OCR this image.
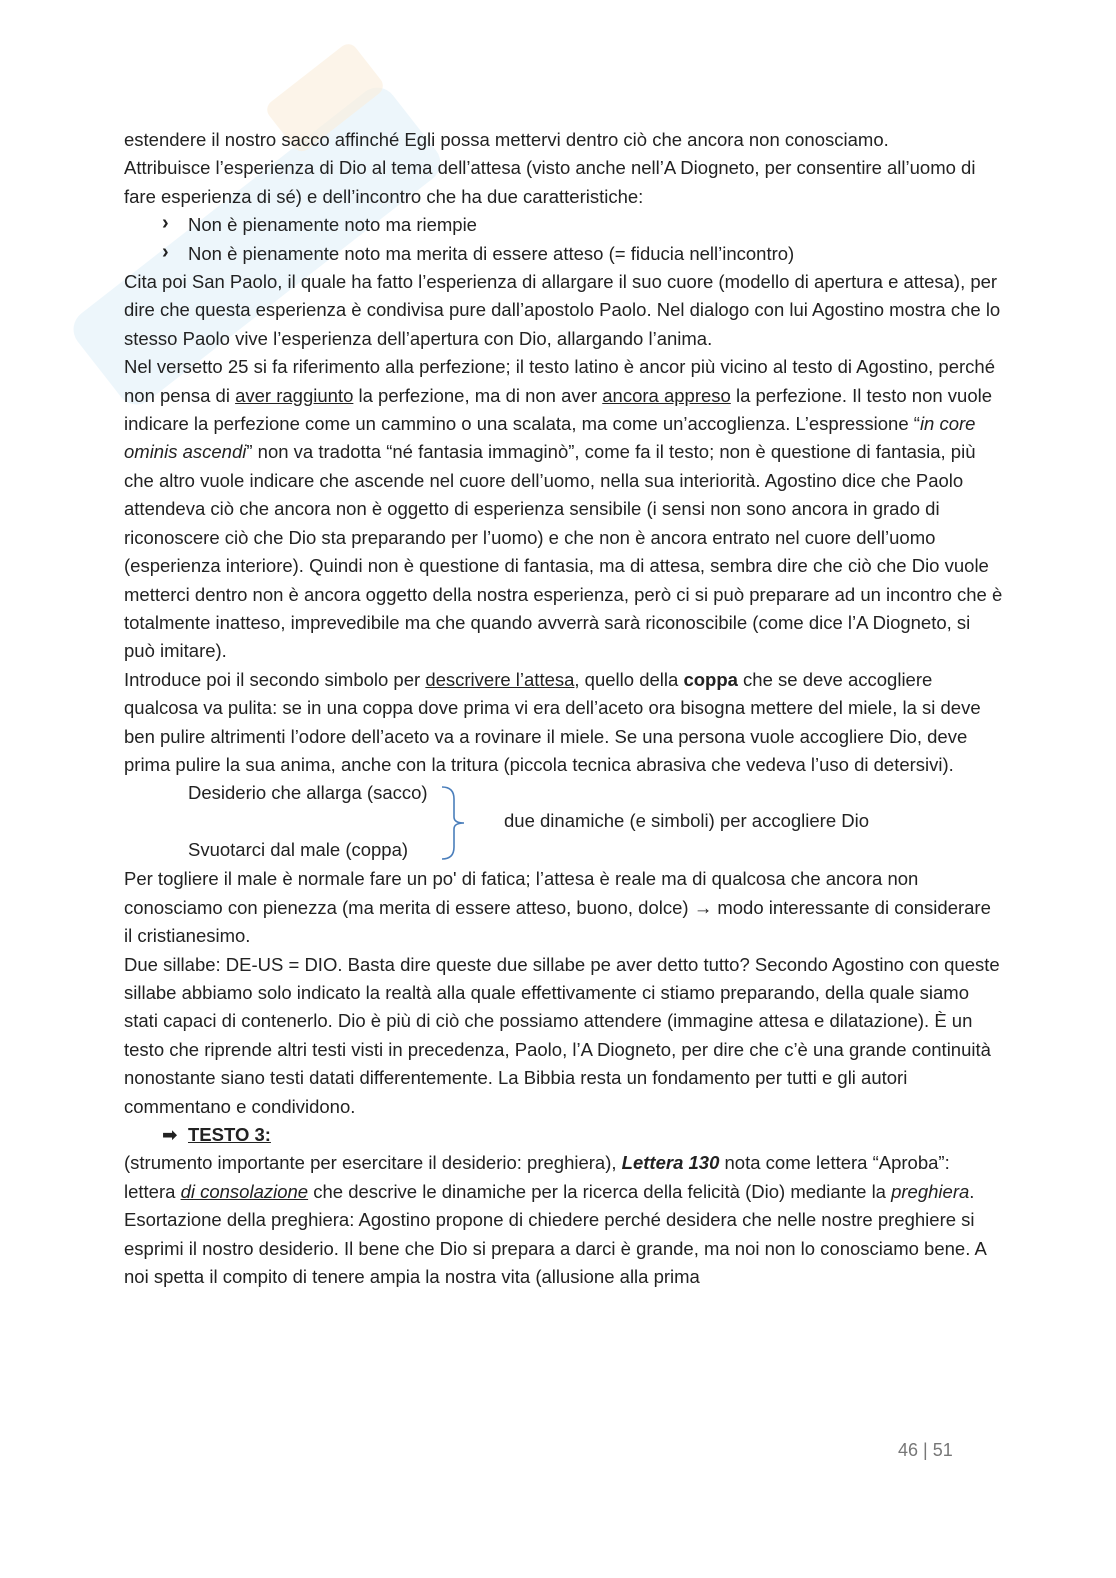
estendere il nostro sacco affinché Egli possa mettervi dentro ciò che ancora non conosciamo.
Attribuisce l’esperienza di Dio al tema dell’attesa (visto anche nell’A Diogneto, per consentire all’uomo di fare esperienza di sé) e dell’incontro che ha due caratteristiche:

› Non è pienamente noto ma riempie
› Non è pienamente noto ma merita di essere atteso (= fiducia nell’incontro)

Cita poi San Paolo, il quale ha fatto l’esperienza di allargare il suo cuore (modello di apertura e attesa), per dire che questa esperienza è condivisa pure dall’apostolo Paolo. Nel dialogo con lui Agostino mostra che lo stesso Paolo vive l’esperienza dell’apertura con Dio, allargando l’anima.

Nel versetto 25 si fa riferimento alla perfezione; il testo latino è ancor più vicino al testo di Agostino, perché non pensa di aver raggiunto la perfezione, ma di non aver ancora appreso la perfezione. Il testo non vuole indicare la perfezione come un cammino o una scalata, ma come un’accoglienza. L’espressione “in core ominis ascendi” non va tradotta “né fantasia immaginò”, come fa il testo; non è questione di fantasia, più che altro vuole indicare che ascende nel cuore dell’uomo, nella sua interiorità. Agostino dice che Paolo attendeva ciò che ancora non è oggetto di esperienza sensibile (i sensi non sono ancora in grado di riconoscere ciò che Dio sta preparando per l’uomo) e che non è ancora entrato nel cuore dell’uomo (esperienza interiore). Quindi non è questione di fantasia, ma di attesa, sembra dire che ciò che Dio vuole metterci dentro non è ancora oggetto della nostra esperienza, però ci si può preparare ad un incontro che è totalmente inatteso, imprevedibile ma che quando avverrà sarà riconoscibile (come dice l’A Diogneto, si può imitare).

Introduce poi il secondo simbolo per descrivere l’attesa, quello della coppa che se deve accogliere qualcosa va pulita: se in una coppa dove prima vi era dell’aceto ora bisogna mettere del miele, la si deve ben pulire altrimenti l’odore dell’aceto va a rovinare il miele. Se una persona vuole accogliere Dio, deve prima pulire la sua anima, anche con la tritura (piccola tecnica abrasiva che vedeva l’uso di detersivi).

Desiderio che allarga (sacco)
Svuotarci dal male (coppa)
due dinamiche (e simboli) per accogliere Dio

Per togliere il male è normale fare un po' di fatica; l’attesa è reale ma di qualcosa che ancora non conosciamo con pienezza (ma merita di essere atteso, buono, dolce) → modo interessante di considerare il cristianesimo.

Due sillabe: DE-US = DIO. Basta dire queste due sillabe pe aver detto tutto? Secondo Agostino con queste sillabe abbiamo solo indicato la realtà alla quale effettivamente ci stiamo preparando, della quale siamo stati capaci di contenerlo. Dio è più di ciò che possiamo attendere (immagine attesa e dilatazione). È un testo che riprende altri testi visti in precedenza, Paolo, l’A Diogneto, per dire che c’è una grande continuità nonostante siano testi datati differentemente. La Bibbia resta un fondamento per tutti e gli autori commentano e condividono.

➡ TESTO 3:

(strumento importante per esercitare il desiderio: preghiera), Lettera 130 nota come lettera “Aproba”: lettera di consolazione che descrive le dinamiche per la ricerca della felicità (Dio) mediante la preghiera.

Esortazione della preghiera: Agostino propone di chiedere perché desidera che nelle nostre preghiere si esprimi il nostro desiderio. Il bene che Dio si prepara a darci è grande, ma noi non lo conosciamo bene. A noi spetta il compito di tenere ampia la nostra vita (allusione alla prima

46 | 51
